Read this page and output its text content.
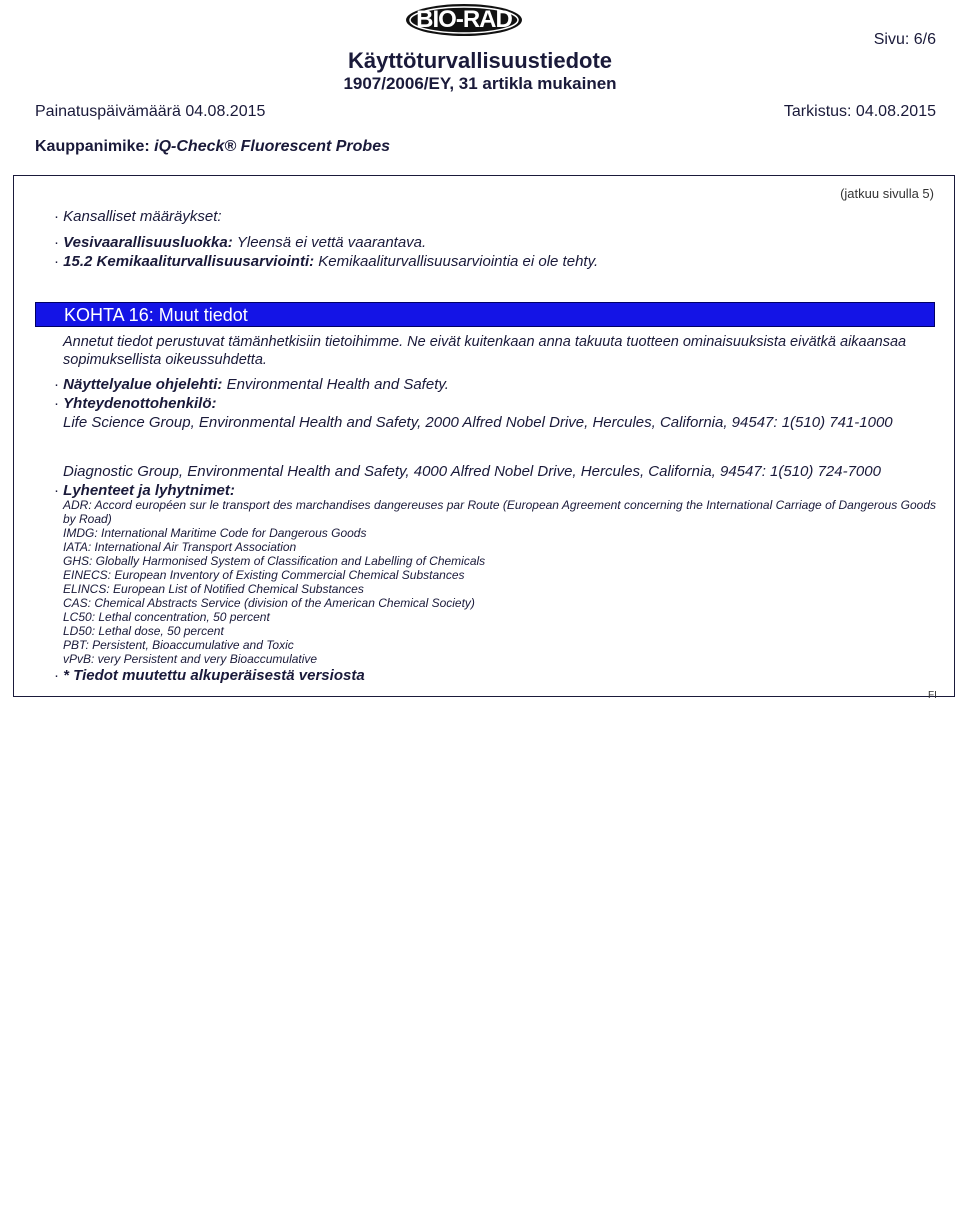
BIO-RAD
Sivu: 6/6
Käyttöturvallisuustiedote
1907/2006/EY, 31 artikla mukainen
Painatuspäivämäärä 04.08.2015	Tarkistus: 04.08.2015
Kauppanimike: iQ-Check® Fluorescent Probes
(jatkuu sivulla 5)
· Kansalliset määräykset:
· Vesivaarallisuusluokka: Yleensä ei vettä vaarantava.
· 15.2 Kemikaaliturvallisuusarviointi: Kemikaaliturvallisuusarviointia ei ole tehty.
KOHTA 16: Muut tiedot
Annetut tiedot perustuvat tämänhetkisiin tietoihimme. Ne eivät kuitenkaan anna takuuta tuotteen ominaisuuksista eivätkä aikaansaa sopimuksellista oikeussuhdetta.
· Näyttelyalue ohjelehti: Environmental Health and Safety.
· Yhteydenottohenkilö:
Life Science Group, Environmental Health and Safety, 2000 Alfred Nobel Drive, Hercules, California, 94547: 1(510) 741-1000
Diagnostic Group, Environmental Health and Safety, 4000 Alfred Nobel Drive, Hercules, California, 94547: 1(510) 724-7000
· Lyhenteet ja lyhytnimet:
ADR: Accord européen sur le transport des marchandises dangereuses par Route (European Agreement concerning the International Carriage of Dangerous Goods by Road)
IMDG: International Maritime Code for Dangerous Goods
IATA: International Air Transport Association
GHS: Globally Harmonised System of Classification and Labelling of Chemicals
EINECS: European Inventory of Existing Commercial Chemical Substances
ELINCS: European List of Notified Chemical Substances
CAS: Chemical Abstracts Service (division of the American Chemical Society)
LC50: Lethal concentration, 50 percent
LD50: Lethal dose, 50 percent
PBT: Persistent, Bioaccumulative and Toxic
vPvB: very Persistent and very Bioaccumulative
· * Tiedot muutettu alkuperäisestä versiosta
FI
